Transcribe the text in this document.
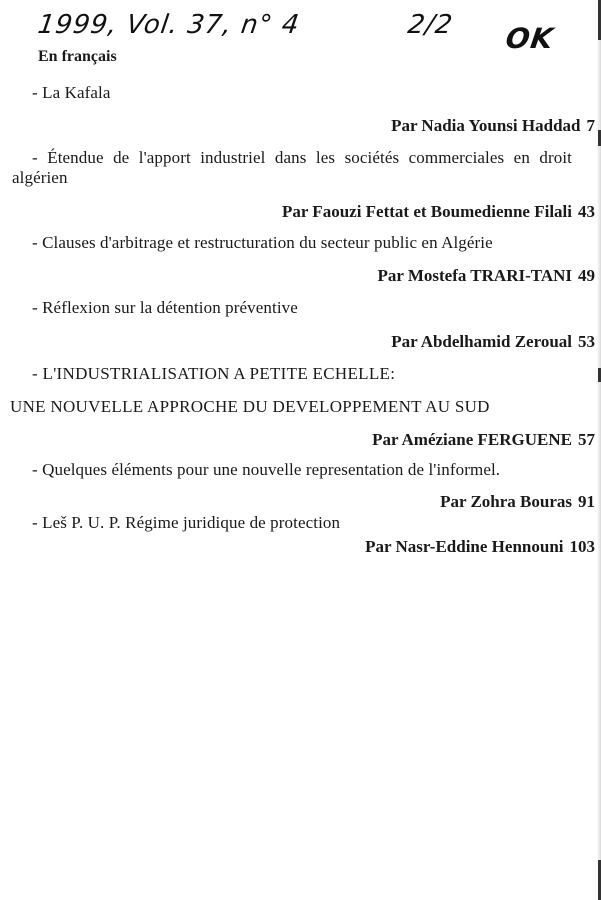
1999, Vol. 37, n° 4	2/2 OK
En français
- La Kafala
Par Nadia Younsi Haddad 7
- Étendue de l'apport industriel dans les sociétés commerciales en droit algérien
Par Faouzi Fettat et Boumedienne Filali 43
- Clauses d'arbitrage et restructuration du secteur public en Algérie
Par Mostefa TRARI-TANI 49
- Réflexion sur la détention préventive
Par Abdelhamid Zeroual 53
- L'INDUSTRIALISATION A PETITE ECHELLE:
UNE NOUVELLE APPROCHE DU DEVELOPPEMENT AU SUD
Par Améziane FERGUENE 57
- Quelques éléments pour une nouvelle representation de l'informel.
Par Zohra Bouras 91
- Leš P. U. P. Régime juridique de protection
Par Nasr-Eddine Hennouni 103
